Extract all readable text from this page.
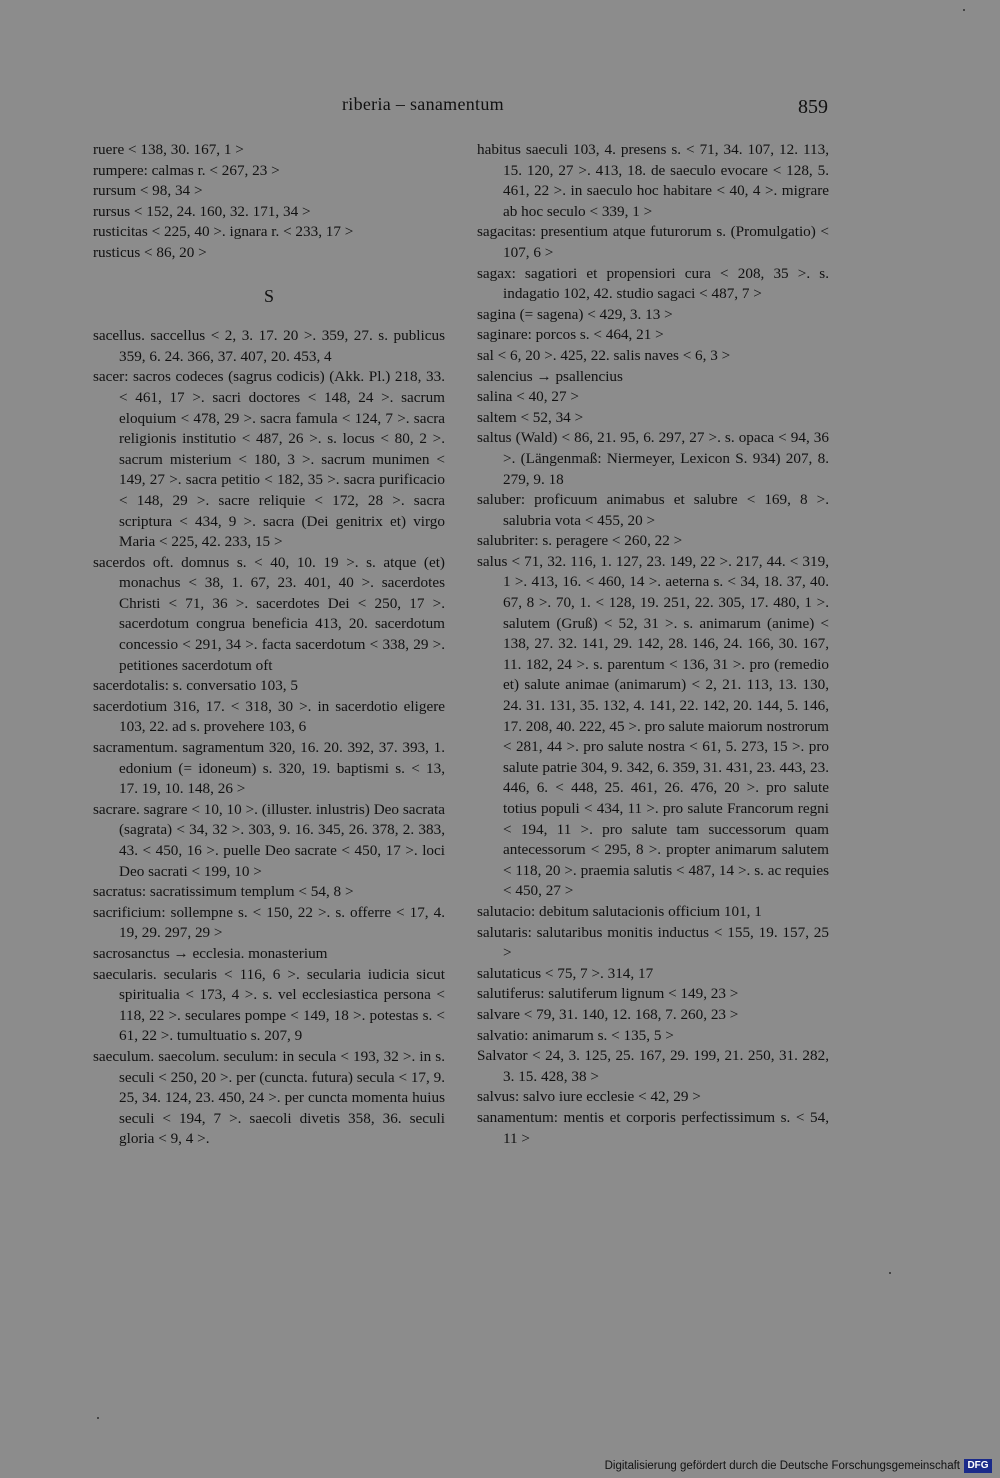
riberia – sanamentum	859

ruere < 138, 30. 167, 1 >

rumpere: calmas r. < 267, 23 >

rursum < 98, 34 >

rursus < 152, 24. 160, 32. 171, 34 >

rusticitas < 225, 40 >. ignara r. < 233, 17 >

rusticus < 86, 20 >

S

sacellus. saccellus < 2, 3. 17. 20 >. 359, 27. s. publicus 359, 6. 24. 366, 37. 407, 20. 453, 4

sacer: sacros codeces (sagrus codicis) (Akk. Pl.) 218, 33. < 461, 17 >. sacri doctores < 148, 24 >. sacrum eloquium < 478, 29 >. sacra famula < 124, 7 >. sacra religionis institutio < 487, 26 >. s. locus < 80, 2 >. sacrum misterium < 180, 3 >. sacrum munimen < 149, 27 >. sacra petitio < 182, 35 >. sacra purificacio < 148, 29 >. sacre reliquie < 172, 28 >. sacra scriptura < 434, 9 >. sacra (Dei genitrix et) virgo Maria < 225, 42. 233, 15 >

sacerdos oft. domnus s. < 40, 10. 19 >. s. atque (et) monachus < 38, 1. 67, 23. 401, 40 >. sacerdotes Christi < 71, 36 >. sacerdotes Dei < 250, 17 >. sacerdotum congrua beneficia 413, 20. sacerdotum concessio < 291, 34 >. facta sacerdotum < 338, 29 >. petitiones sacerdotum oft

sacerdotalis: s. conversatio 103, 5

sacerdotium 316, 17. < 318, 30 >. in sacerdotio eligere 103, 22. ad s. provehere 103, 6

sacramentum. sagramentum 320, 16. 20. 392, 37. 393, 1. edonium (= idoneum) s. 320, 19. baptismi s. < 13, 17. 19, 10. 148, 26 >

sacrare. sagrare < 10, 10 >. (illuster. inlustris) Deo sacrata (sagrata) < 34, 32 >. 303, 9. 16. 345, 26. 378, 2. 383, 43. < 450, 16 >. puelle Deo sacrate < 450, 17 >. loci Deo sacrati < 199, 10 >

sacratus: sacratissimum templum < 54, 8 >

sacrificium: sollempne s. < 150, 22 >. s. offerre < 17, 4. 19, 29. 297, 29 >

sacrosanctus → ecclesia. monasterium

saecularis. secularis < 116, 6 >. secularia iudicia sicut spiritualia < 173, 4 >. s. vel ecclesiastica persona < 118, 22 >. seculares pompe < 149, 18 >. potestas s. < 61, 22 >. tumultuatio s. 207, 9

saeculum. saecolum. seculum: in secula < 193, 32 >. in s. seculi < 250, 20 >. per (cuncta. futura) secula < 17, 9. 25, 34. 124, 23. 450, 24 >. per cuncta momenta huius seculi < 194, 7 >. saecoli divetis 358, 36. seculi gloria < 9, 4 >.

habitus saeculi 103, 4. presens s. < 71, 34. 107, 12. 113, 15. 120, 27 >. 413, 18. de saeculo evocare < 128, 5. 461, 22 >. in saeculo hoc habitare < 40, 4 >. migrare ab hoc seculo < 339, 1 >

sagacitas: presentium atque futurorum s. (Promulgatio) < 107, 6 >

sagax: sagatiori et propensiori cura < 208, 35 >. s. indagatio 102, 42. studio sagaci < 487, 7 >

sagina (= sagena) < 429, 3. 13 >

saginare: porcos s. < 464, 21 >

sal < 6, 20 >. 425, 22. salis naves < 6, 3 >

salencius → psallencius

salina < 40, 27 >

saltem < 52, 34 >

saltus (Wald) < 86, 21. 95, 6. 297, 27 >. s. opaca < 94, 36 >. (Längenmaß: Niermeyer, Lexicon S. 934) 207, 8. 279, 9. 18

saluber: proficuum animabus et salubre < 169, 8 >. salubria vota < 455, 20 >

salubriter: s. peragere < 260, 22 >

salus < 71, 32. 116, 1. 127, 23. 149, 22 >. 217, 44. < 319, 1 >. 413, 16. < 460, 14 >. aeterna s. < 34, 18. 37, 40. 67, 8 >. 70, 1. < 128, 19. 251, 22. 305, 17. 480, 1 >. salutem (Gruß) < 52, 31 >. s. animarum (anime) < 138, 27. 32. 141, 29. 142, 28. 146, 24. 166, 30. 167, 11. 182, 24 >. s. parentum < 136, 31 >. pro (remedio et) salute animae (animarum) < 2, 21. 113, 13. 130, 24. 31. 131, 35. 132, 4. 141, 22. 142, 20. 144, 5. 146, 17. 208, 40. 222, 45 >. pro salute maiorum nostrorum < 281, 44 >. pro salute nostra < 61, 5. 273, 15 >. pro salute patrie 304, 9. 342, 6. 359, 31. 431, 23. 443, 23. 446, 6. < 448, 25. 461, 26. 476, 20 >. pro salute totius populi < 434, 11 >. pro salute Francorum regni < 194, 11 >. pro salute tam successorum quam antecessorum < 295, 8 >. propter animarum salutem < 118, 20 >. praemia salutis < 487, 14 >. s. ac requies < 450, 27 >

salutacio: debitum salutacionis officium 101, 1

salutaris: salutaribus monitis inductus < 155, 19. 157, 25 >

salutaticus < 75, 7 >. 314, 17

salutiferus: salutiferum lignum < 149, 23 >

salvare < 79, 31. 140, 12. 168, 7. 260, 23 >

salvatio: animarum s. < 135, 5 >

Salvator < 24, 3. 125, 25. 167, 29. 199, 21. 250, 31. 282, 3. 15. 428, 38 >

salvus: salvo iure ecclesie < 42, 29 >

sanamentum: mentis et corporis perfectissimum s. < 54, 11 >

Digitalisierung gefördert durch die Deutsche Forschungsgemeinschaft DFG
